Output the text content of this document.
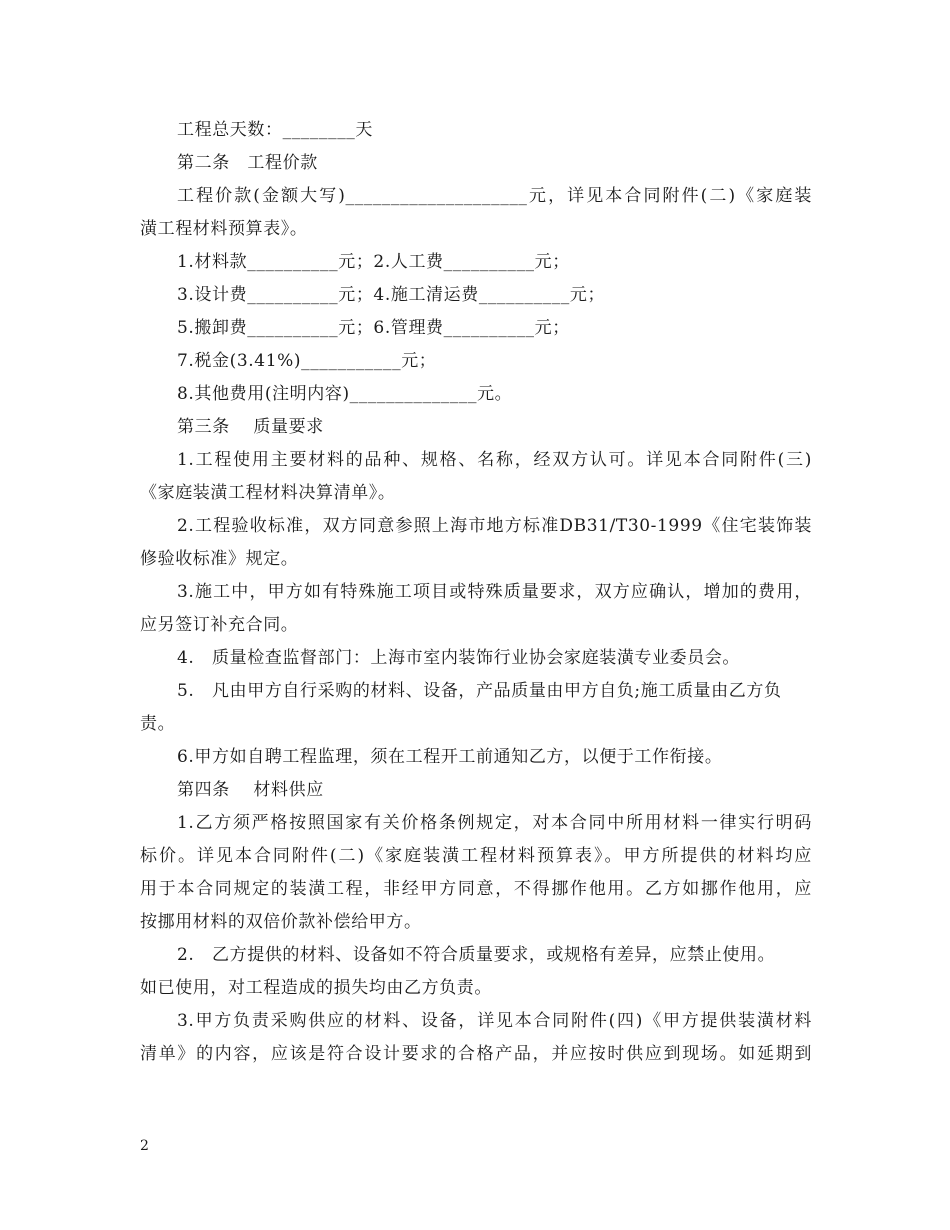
工程总天数：________天
第二条　工程价款
工程价款(金额大写)____________________元，详见本合同附件(二)《家庭装
潢工程材料预算表》。
1.材料款__________元；2.人工费__________元；
3.设计费__________元；4.施工清运费__________元；
5.搬卸费__________元；6.管理费__________元；
7.税金(3.41%)___________元；
8.其他费用(注明内容)______________元。
第三条　 质量要求
1.工程使用主要材料的品种、规格、名称，经双方认可。详见本合同附件(三)
《家庭装潢工程材料决算清单》。
2.工程验收标准，双方同意参照上海市地方标准DB31/T30-1999《住宅装饰装
修验收标准》规定。
3.施工中，甲方如有特殊施工项目或特殊质量要求，双方应确认，增加的费用，
应另签订补充合同。
4.　质量检查监督部门：上海市室内装饰行业协会家庭装潢专业委员会。
5.　凡由甲方自行采购的材料、设备，产品质量由甲方自负;施工质量由乙方负
责。
6.甲方如自聘工程监理，须在工程开工前通知乙方，以便于工作衔接。
第四条　 材料供应
1.乙方须严格按照国家有关价格条例规定，对本合同中所用材料一律实行明码
标价。详见本合同附件(二)《家庭装潢工程材料预算表》。甲方所提供的材料均应
用于本合同规定的装潢工程，非经甲方同意，不得挪作他用。乙方如挪作他用，应
按挪用材料的双倍价款补偿给甲方。
2.　乙方提供的材料、设备如不符合质量要求，或规格有差异，应禁止使用。
如已使用，对工程造成的损失均由乙方负责。
3.甲方负责采购供应的材料、设备，详见本合同附件(四)《甲方提供装潢材料
清单》的内容，应该是符合设计要求的合格产品，并应按时供应到现场。如延期到
2
